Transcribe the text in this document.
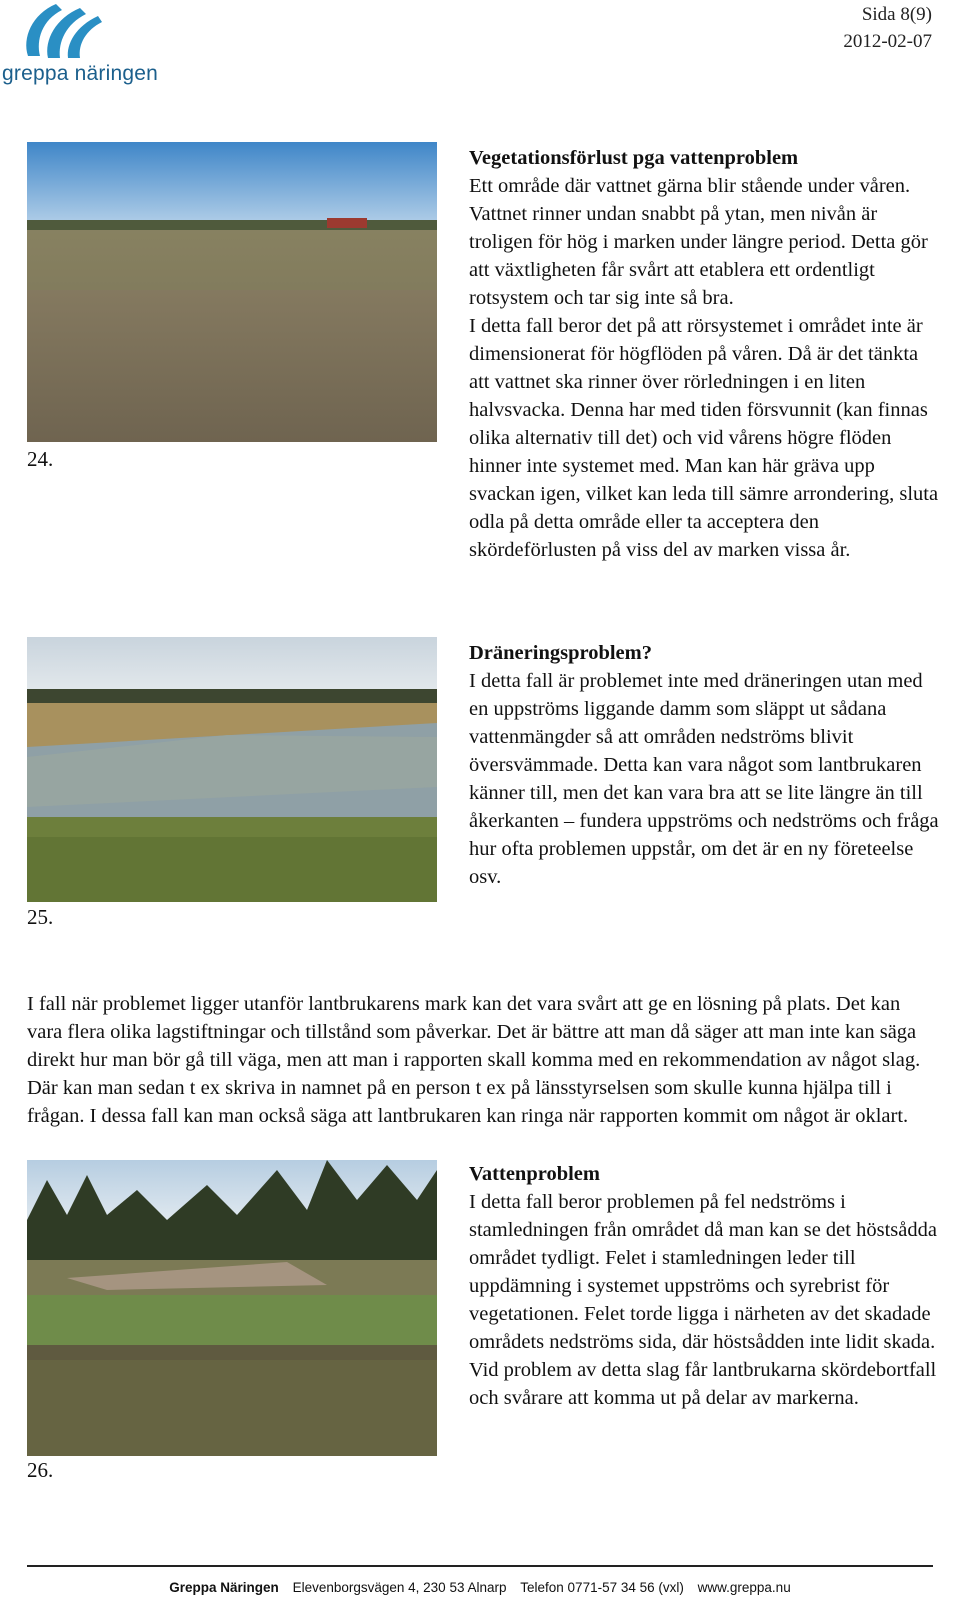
greppa näringen
Sida 8(9)
2012-02-07
24.
Vegetationsförlust pga vattenproblem

Ett område där vattnet gärna blir stående under våren. Vattnet rinner undan snabbt på ytan, men nivån är troligen för hög i marken under längre period. Detta gör att växtligheten får svårt att etablera ett ordentligt rotsystem och tar sig inte så bra.

I detta fall beror det på att rörsystemet i området inte är dimensionerat för högflöden på våren. Då är det tänkta att vattnet ska rinner över rörledningen i en liten halvsvacka. Denna har med tiden försvunnit (kan finnas olika alternativ till det) och vid vårens högre flöden hinner inte systemet med. Man kan här gräva upp svackan igen, vilket kan leda till sämre arrondering, sluta odla på detta område eller ta acceptera den skördeförlusten på viss del av marken vissa år.

25.
Dräneringsproblem?

I detta fall är problemet inte med dräneringen utan med en uppströms liggande damm som släppt ut sådana vattenmängder så att områden nedströms blivit översvämmade. Detta kan vara något som lantbrukaren känner till, men det kan vara bra att se lite längre än till åkerkanten – fundera uppströms och nedströms och fråga hur ofta problemen uppstår, om det är en ny företeelse osv.

I fall när problemet ligger utanför lantbrukarens mark kan det vara svårt att ge en lösning på plats. Det kan vara flera olika lagstiftningar och tillstånd som påverkar. Det är bättre att man då säger att man inte kan säga direkt hur man bör gå till väga, men att man i rapporten skall komma med en rekommendation av något slag. Där kan man sedan t ex skriva in namnet på en person t ex på länsstyrselsen som skulle kunna hjälpa till i frågan. I dessa fall kan man också säga att lantbrukaren kan ringa när rapporten kommit om något är oklart.

26.
Vattenproblem

I detta fall beror problemen på fel nedströms i stamledningen från området då man kan se det höstsådda området tydligt. Felet i stamledningen leder till uppdämning i systemet uppströms och syrebrist för vegetationen. Felet torde ligga i närheten av det skadade områdets nedströms sida, där höstsådden inte lidit skada. Vid problem av detta slag får lantbrukarna skördebortfall och svårare att komma ut på delar av markerna.

Greppa Näringen Elevenborgsvägen 4, 230 53 Alnarp Telefon 0771-57 34 56 (vxl) www.greppa.nu
